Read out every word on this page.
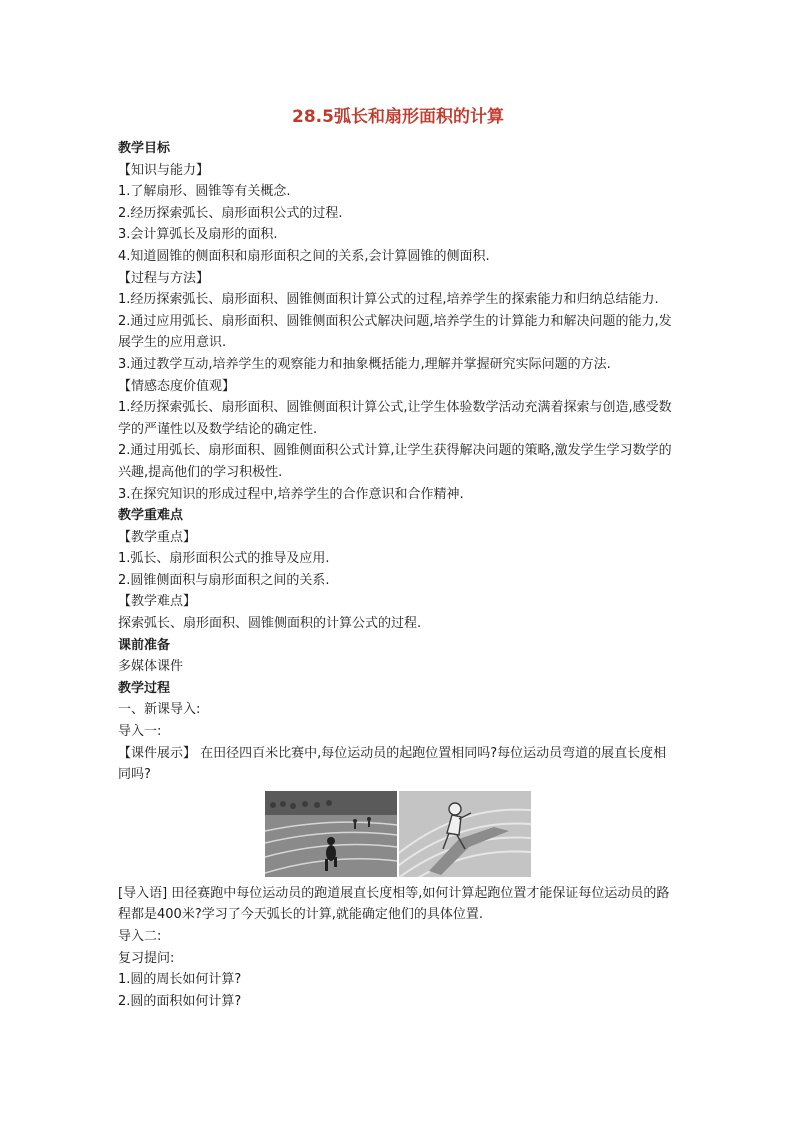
28.5弧长和扇形面积的计算
教学目标
【知识与能力】
1.了解扇形、圆锥等有关概念.
2.经历探索弧长、扇形面积公式的过程.
3.会计算弧长及扇形的面积.
4.知道圆锥的侧面积和扇形面积之间的关系,会计算圆锥的侧面积.
【过程与方法】
1.经历探索弧长、扇形面积、圆锥侧面积计算公式的过程,培养学生的探索能力和归纳总结能力.
2.通过应用弧长、扇形面积、圆锥侧面积公式解决问题,培养学生的计算能力和解决问题的能力,发展学生的应用意识.
3.通过教学互动,培养学生的观察能力和抽象概括能力,理解并掌握研究实际问题的方法.
【情感态度价值观】
1.经历探索弧长、扇形面积、圆锥侧面积计算公式,让学生体验数学活动充满着探索与创造,感受数学的严谨性以及数学结论的确定性.
2.通过用弧长、扇形面积、圆锥侧面积公式计算,让学生获得解决问题的策略,激发学生学习数学的兴趣,提高他们的学习积极性.
3.在探究知识的形成过程中,培养学生的合作意识和合作精神.
教学重难点
【教学重点】
1.弧长、扇形面积公式的推导及应用.
2.圆锥侧面积与扇形面积之间的关系.
【教学难点】
探索弧长、扇形面积、圆锥侧面积的计算公式的过程.
课前准备
多媒体课件
教学过程
一、新课导入:
导入一:
【课件展示】 在田径四百米比赛中,每位运动员的起跑位置相同吗?每位运动员弯道的展直长度相同吗?
[导入语] 田径赛跑中每位运动员的跑道展直长度相等,如何计算起跑位置才能保证每位运动员的路程都是400米?学习了今天弧长的计算,就能确定他们的具体位置.
导入二:
复习提问:
1.圆的周长如何计算?
2.圆的面积如何计算?
